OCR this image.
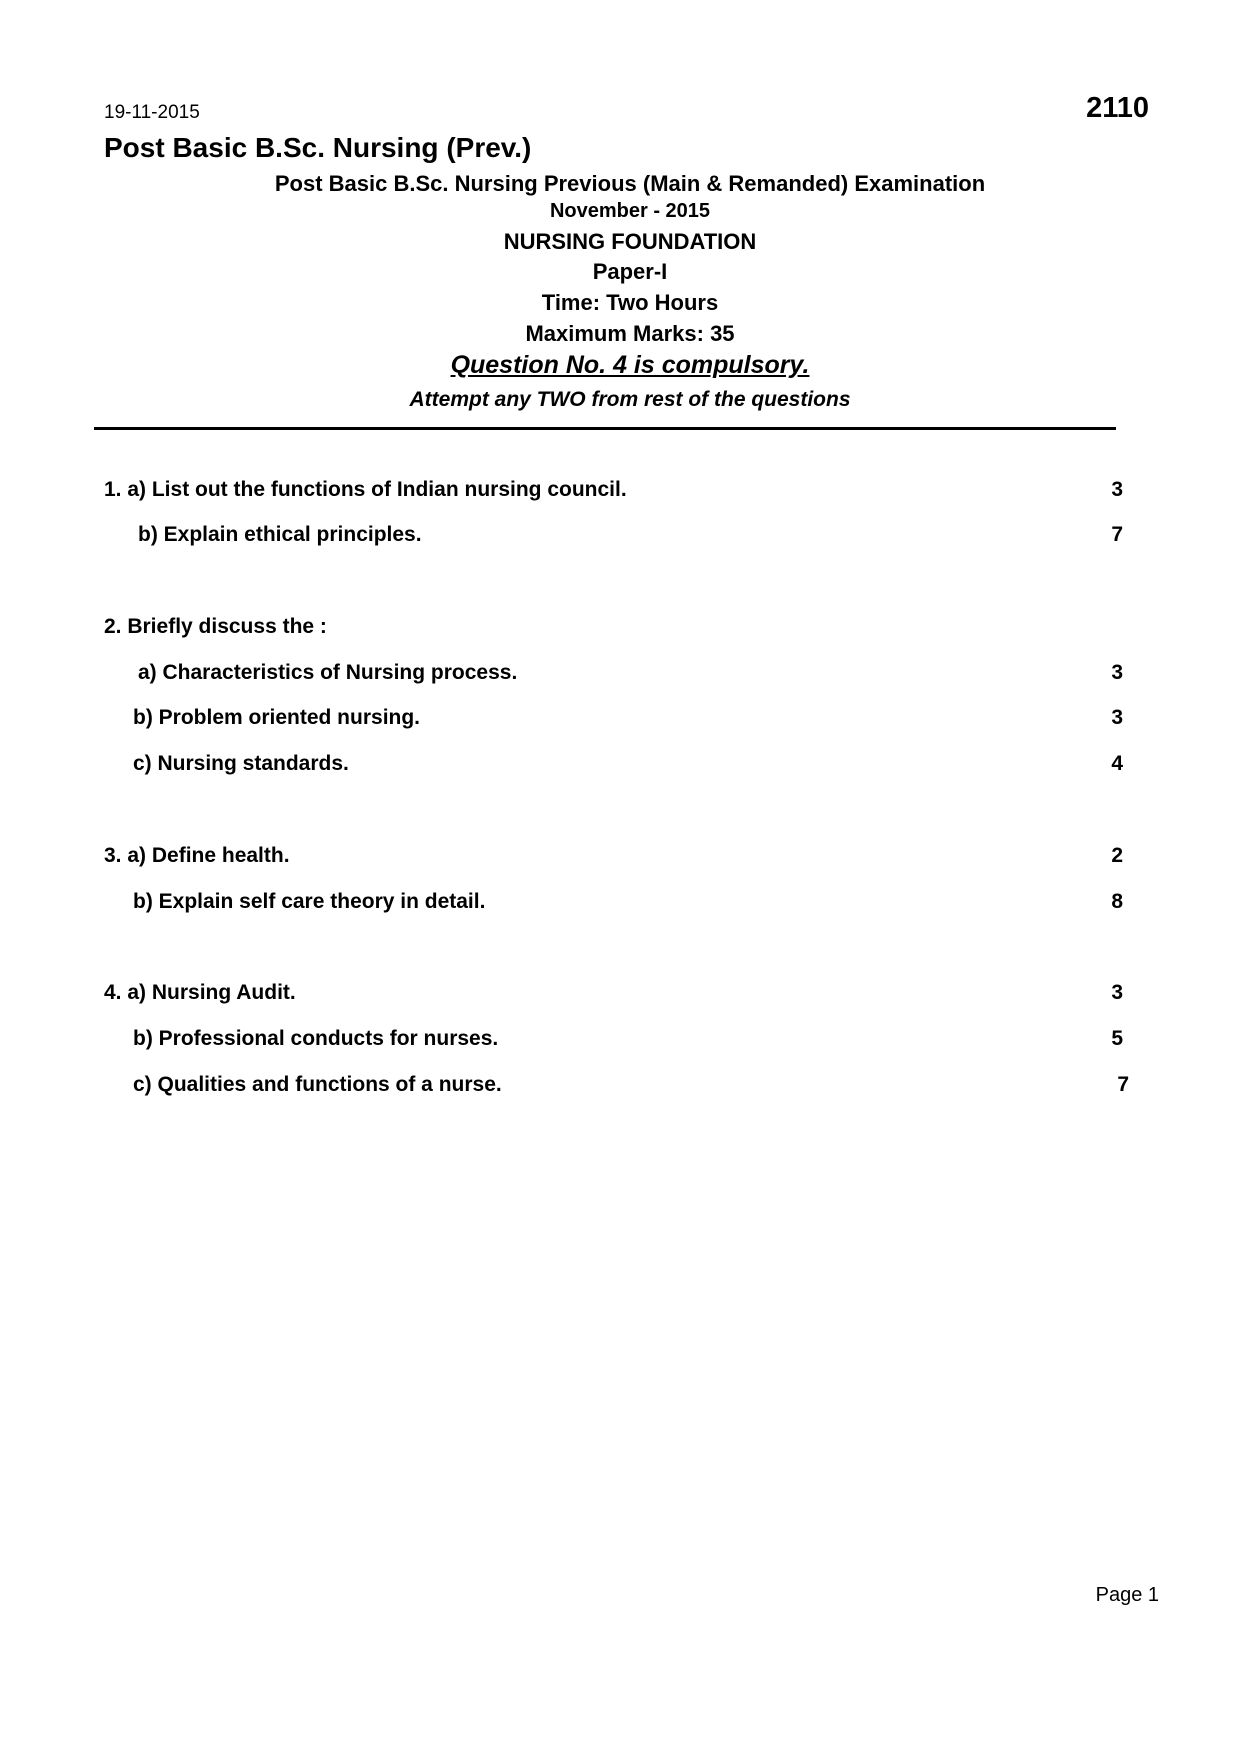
19-11-2015	2110
Post Basic B.Sc. Nursing (Prev.)
Post Basic B.Sc. Nursing Previous (Main & Remanded) Examination
November - 2015
NURSING FOUNDATION
Paper-I
Time: Two Hours
Maximum Marks: 35
Question No. 4 is compulsory.
Attempt any TWO from rest of the questions
1. a) List out the functions of Indian nursing council.	3
b) Explain ethical principles.	7
2. Briefly discuss the :
a) Characteristics of Nursing process.	3
b) Problem oriented nursing.	3
c) Nursing standards.	4
3. a) Define health.	2
b) Explain self care theory in detail.	8
4. a) Nursing Audit.	3
b) Professional conducts for nurses.	5
c) Qualities and functions of a nurse.	7
Page 1
